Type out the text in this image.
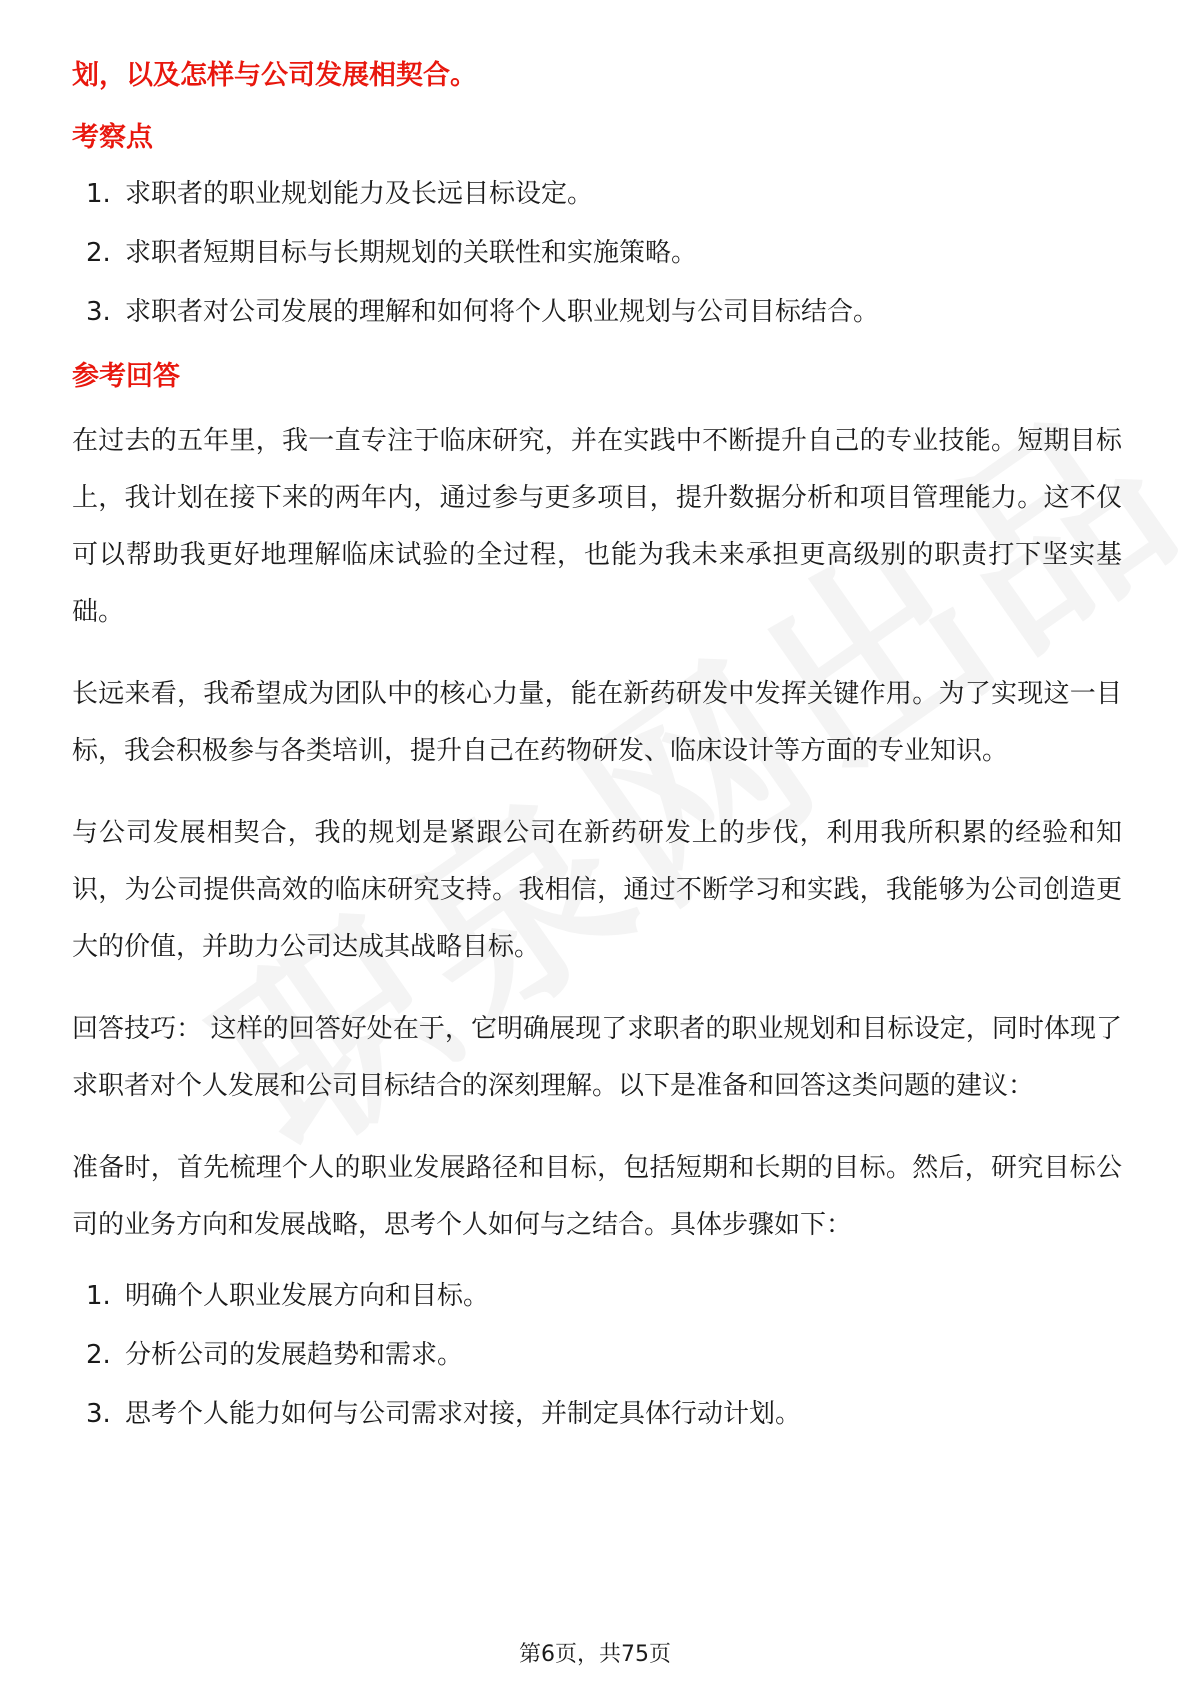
划，以及怎样与公司发展相契合。
考察点
1. 求职者的职业规划能力及长远目标设定。
2. 求职者短期目标与长期规划的关联性和实施策略。
3. 求职者对公司发展的理解和如何将个人职业规划与公司目标结合。
参考回答

在过去的五年里，我一直专注于临床研究，并在实践中不断提升自己的专业技能。短期目标上，我计划在接下来的两年内，通过参与更多项目，提升数据分析和项目管理能力。这不仅可以帮助我更好地理解临床试验的全过程，也能为我未来承担更高级别的职责打下坚实基础。

长远来看，我希望成为团队中的核心力量，能在新药研发中发挥关键作用。为了实现这一目标，我会积极参与各类培训，提升自己在药物研发、临床设计等方面的专业知识。

与公司发展相契合，我的规划是紧跟公司在新药研发上的步伐，利用我所积累的经验和知识，为公司提供高效的临床研究支持。我相信，通过不断学习和实践，我能够为公司创造更大的价值，并助力公司达成其战略目标。

回答技巧： 这样的回答好处在于，它明确展现了求职者的职业规划和目标设定，同时体现了求职者对个人发展和公司目标结合的深刻理解。以下是准备和回答这类问题的建议：

准备时，首先梳理个人的职业发展路径和目标，包括短期和长期的目标。然后，研究目标公司的业务方向和发展战略，思考个人如何与之结合。具体步骤如下：

1. 明确个人职业发展方向和目标。
2. 分析公司的发展趋势和需求。
3. 思考个人能力如何与公司需求对接，并制定具体行动计划。
第6页，共75页
